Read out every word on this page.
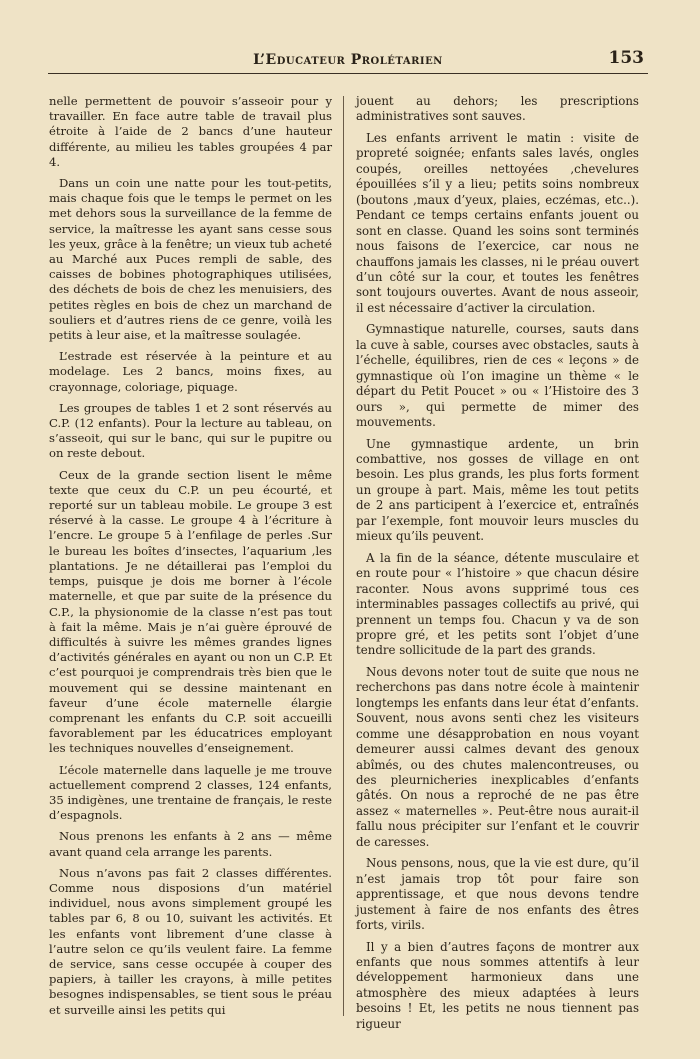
L’Educateur Prolétarien	153

nelle permettent de pouvoir s’asseoir pour y travailler. En face autre table de travail plus étroite à l’aide de 2 bancs d’une hauteur différente, au milieu les tables groupées 4 par 4.

Dans un coin une natte pour les tout-petits, mais chaque fois que le temps le permet on les met dehors sous la surveillance de la femme de service, la maîtresse les ayant sans cesse sous les yeux, grâce à la fenêtre; un vieux tub acheté au Marché aux Puces rempli de sable, des caisses de bobines photographiques utilisées, des déchets de bois de chez les menuisiers, des petites règles en bois de chez un marchand de souliers et d’autres riens de ce genre, voilà les petits à leur aise, et la maîtresse soulagée.

L’estrade est réservée à la peinture et au modelage. Les 2 bancs, moins fixes, au crayonnage, coloriage, piquage.

Les groupes de tables 1 et 2 sont réservés au C.P. (12 enfants). Pour la lecture au tableau, on s’asseoit, qui sur le banc, qui sur le pupitre ou on reste debout.

Ceux de la grande section lisent le même texte que ceux du C.P. un peu écourté, et reporté sur un tableau mobile. Le groupe 3 est réservé à la casse. Le groupe 4 à l’écriture à l’encre. Le groupe 5 à l’enfilage de perles .Sur le bureau les boîtes d’insectes, l’aquarium ,les plantations. Je ne détaillerai pas l’emploi du temps, puisque je dois me borner à l’école maternelle, et que par suite de la présence du C.P., la physionomie de la classe n’est pas tout à fait la même. Mais je n’ai guère éprouvé de difficultés à suivre les mêmes grandes lignes d’activités générales en ayant ou non un C.P. Et c’est pourquoi je comprendrais très bien que le mouvement qui se dessine maintenant en faveur d’une école maternelle élargie comprenant les enfants du C.P. soit accueilli favorablement par les éducatrices employant les techniques nouvelles d’enseignement.

L’école maternelle dans laquelle je me trouve actuellement comprend 2 classes, 124 enfants, 35 indigènes, une trentaine de français, le reste d’espagnols.

Nous prenons les enfants à 2 ans — même avant quand cela arrange les parents.

Nous n’avons pas fait 2 classes différentes. Comme nous disposions d’un matériel individuel, nous avons simplement groupé les tables par 6, 8 ou 10, suivant les activités. Et les enfants vont librement d’une classe à l’autre selon ce qu’ils veulent faire. La femme de service, sans cesse occupée à couper des papiers, à tailler les crayons, à mille petites besognes indispensables, se tient sous le préau et surveille ainsi les petits qui

jouent au dehors; les prescriptions administratives sont sauves.

Les enfants arrivent le matin : visite de propreté soignée; enfants sales lavés, ongles coupés, oreilles nettoyées ,chevelures épouillées s’il y a lieu; petits soins nombreux (boutons ,maux d’yeux, plaies, eczémas, etc..). Pendant ce temps certains enfants jouent ou sont en classe. Quand les soins sont terminés nous faisons de l’exercice, car nous ne chauffons jamais les classes, ni le préau ouvert d’un côté sur la cour, et toutes les fenêtres sont toujours ouvertes. Avant de nous asseoir, il est nécessaire d’activer la circulation.

Gymnastique naturelle, courses, sauts dans la cuve à sable, courses avec obstacles, sauts à l’échelle, équilibres, rien de ces « leçons » de gymnastique où l’on imagine un thème « le départ du Petit Poucet » ou « l’Histoire des 3 ours », qui permette de mimer des mouvements.

Une gymnastique ardente, un brin combattive, nos gosses de village en ont besoin. Les plus grands, les plus forts forment un groupe à part. Mais, même les tout petits de 2 ans participent à l’exercice et, entraînés par l’exemple, font mouvoir leurs muscles du mieux qu’ils peuvent.

A la fin de la séance, détente musculaire et en route pour « l’histoire » que chacun désire raconter. Nous avons supprimé tous ces interminables passages collectifs au privé, qui prennent un temps fou. Chacun y va de son propre gré, et les petits sont l’objet d’une tendre sollicitude de la part des grands.

Nous devons noter tout de suite que nous ne recherchons pas dans notre école à maintenir longtemps les enfants dans leur état d’enfants. Souvent, nous avons senti chez les visiteurs comme une désapprobation en nous voyant demeurer aussi calmes devant des genoux abîmés, ou des chutes malencontreuses, ou des pleurnicheries inexplicables d’enfants gâtés. On nous a reproché de ne pas être assez « maternelles ». Peut-être nous aurait-il fallu nous précipiter sur l’enfant et le couvrir de caresses.

Nous pensons, nous, que la vie est dure, qu’il n’est jamais trop tôt pour faire son apprentissage, et que nous devons tendre justement à faire de nos enfants des êtres forts, virils.

Il y a bien d’autres façons de montrer aux enfants que nous sommes attentifs à leur développement harmonieux dans une atmosphère des mieux adaptées à leurs besoins ! Et, les petits ne nous tiennent pas rigueur
